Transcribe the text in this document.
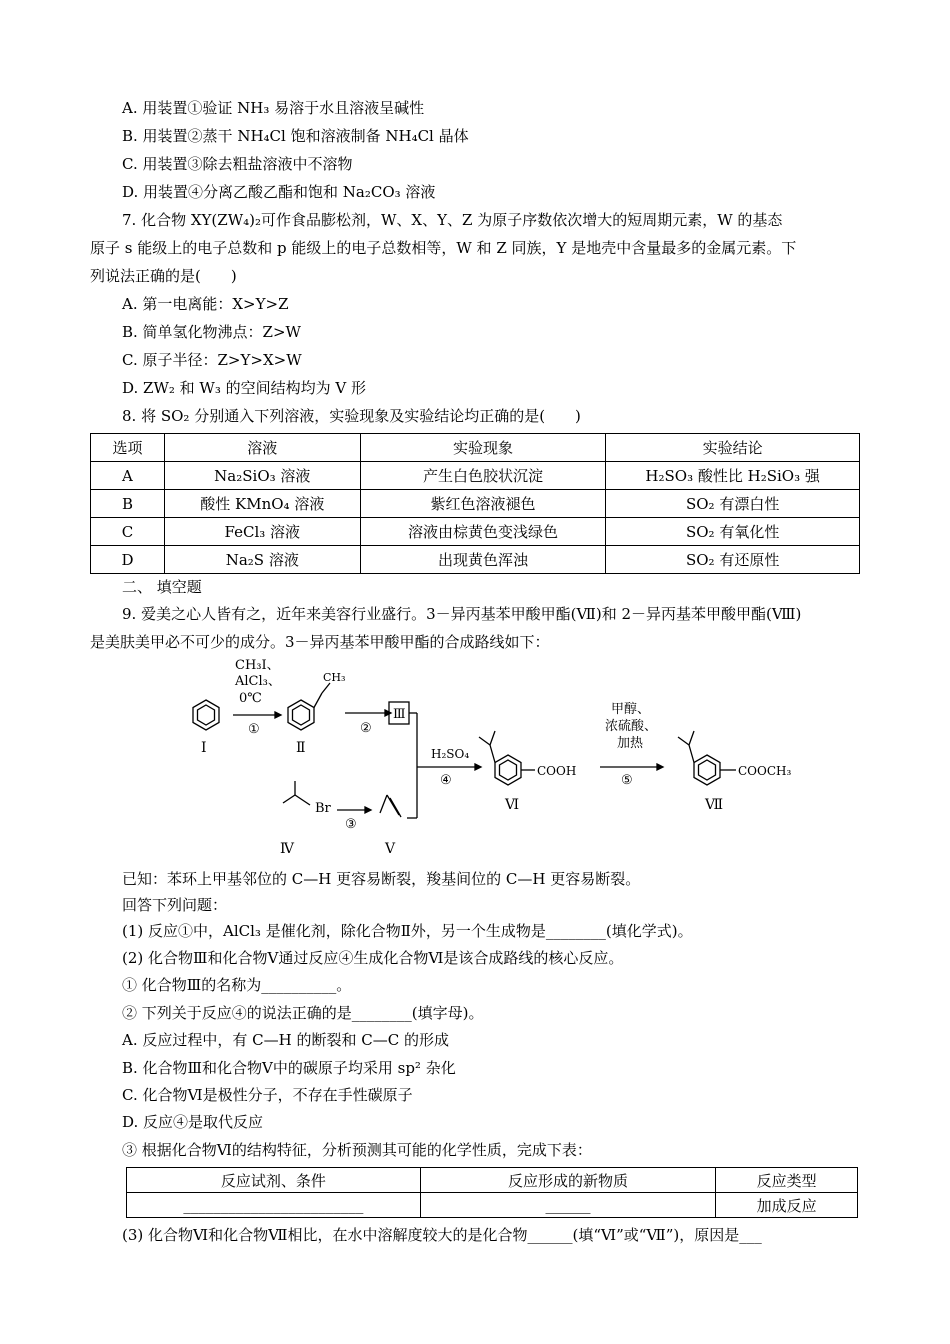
A. 用装置①验证 NH₃ 易溶于水且溶液呈碱性
B. 用装置②蒸干 NH₄Cl 饱和溶液制备 NH₄Cl 晶体
C. 用装置③除去粗盐溶液中不溶物
D. 用装置④分离乙酸乙酯和饱和 Na₂CO₃ 溶液
7. 化合物 XY(ZW₄)₂可作食品膨松剂，W、X、Y、Z 为原子序数依次增大的短周期元素，W 的基态
原子 s 能级上的电子总数和 p 能级上的电子总数相等，W 和 Z 同族，Y 是地壳中含量最多的金属元素。下
列说法正确的是(　　)
A. 第一电离能：X>Y>Z
B. 简单氢化物沸点：Z>W
C. 原子半径：Z>Y>X>W
D. ZW₂ 和 W₃ 的空间结构均为 V 形
8. 将 SO₂ 分别通入下列溶液，实验现象及实验结论均正确的是(　　)
选项	溶液	实验现象	实验结论
A	Na₂SiO₃ 溶液	产生白色胶状沉淀	H₂SO₃ 酸性比 H₂SiO₃ 强
B	酸性 KMnO₄ 溶液	紫红色溶液褪色	SO₂ 有漂白性
C	FeCl₃ 溶液	溶液由棕黄色变浅绿色	SO₂ 有氧化性
D	Na₂S 溶液	出现黄色浑浊	SO₂ 有还原性
二、 填空题
9. 爱美之心人皆有之，近年来美容行业盛行。3－异丙基苯甲酸甲酯(Ⅶ)和 2－异丙基苯甲酸甲酯(Ⅷ)
是美肤美甲必不可少的成分。3－异丙基苯甲酸甲酯的合成路线如下：
CH₃I、
AlCl₃、
0℃
①
Ⅰ	Ⅱ
CH₃
②
Ⅲ
H₂SO₄
④
COOH
Ⅵ
甲醇、
浓硫酸、
加热
⑤
COOCH₃
Ⅶ
Br
③
Ⅳ	Ⅴ
已知：苯环上甲基邻位的 C—H 更容易断裂，羧基间位的 C—H 更容易断裂。
回答下列问题：
(1) 反应①中，AlCl₃ 是催化剂，除化合物Ⅱ外，另一个生成物是________(填化学式)。
(2) 化合物Ⅲ和化合物Ⅴ通过反应④生成化合物Ⅵ是该合成路线的核心反应。
① 化合物Ⅲ的名称为__________。
② 下列关于反应④的说法正确的是________(填字母)。
A. 反应过程中，有 C—H 的断裂和 C—C 的形成
B. 化合物Ⅲ和化合物Ⅴ中的碳原子均采用 sp² 杂化
C. 化合物Ⅵ是极性分子，不存在手性碳原子
D. 反应④是取代反应
③ 根据化合物Ⅵ的结构特征，分析预测其可能的化学性质，完成下表：
反应试剂、条件	反应形成的新物质	反应类型
________________________	______	加成反应
(3) 化合物Ⅵ和化合物Ⅶ相比，在水中溶解度较大的是化合物______(填“Ⅵ”或“Ⅶ”)，原因是___
